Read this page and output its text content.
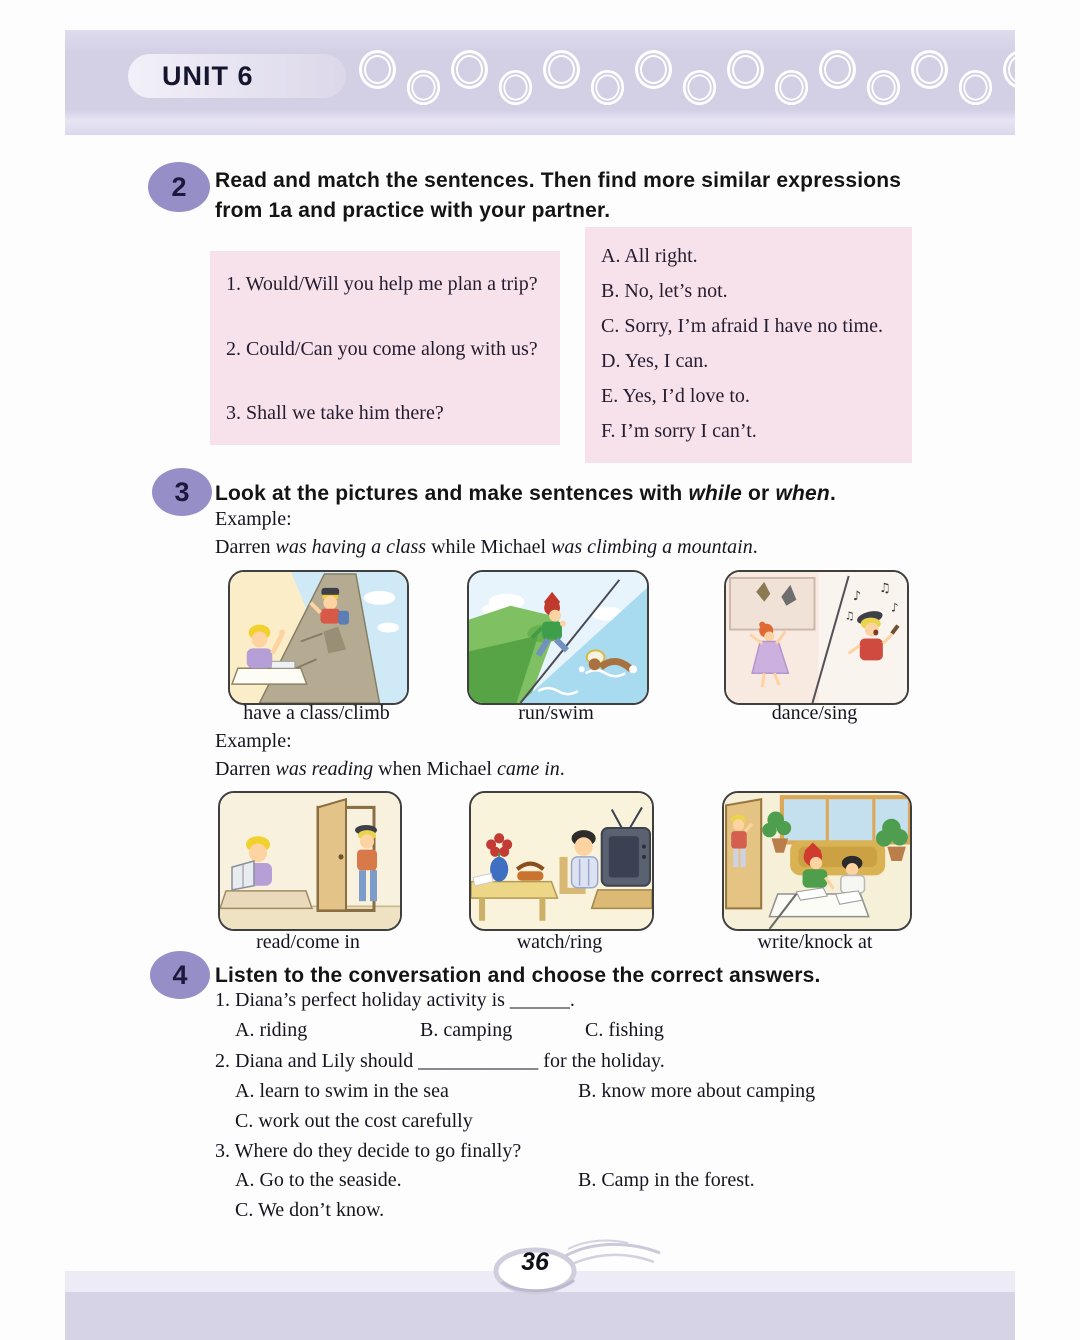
UNIT 6
2	Read and match the sentences. Then find more similar expressions from 1a and practice with your partner.
1. Would/Will you help me plan a trip?
2. Could/Can you come along with us?
3. Shall we take him there?
A. All right.
B. No, let’s not.
C. Sorry, I’m afraid I have no time.
D. Yes, I can.
E. Yes, I’d love to.
F. I’m sorry I can’t.
3	Look at the pictures and make sentences with while or when.
Example:
Darren was having a class while Michael was climbing a mountain.
♪
♫
♪
♫
have a class/climb	run/swim	dance/sing
Example:
Darren was reading when Michael came in.
read/come in	watch/ring	write/knock at
4	Listen to the conversation and choose the correct answers.
1. Diana’s perfect holiday activity is ______.
A. riding	B. camping	C. fishing
2. Diana and Lily should ____________ for the holiday.
A. learn to swim in the sea	B. know more about camping
C. work out the cost carefully
3. Where do they decide to go finally?
A. Go to the seaside.	B. Camp in the forest.
C. We don’t know.
36
